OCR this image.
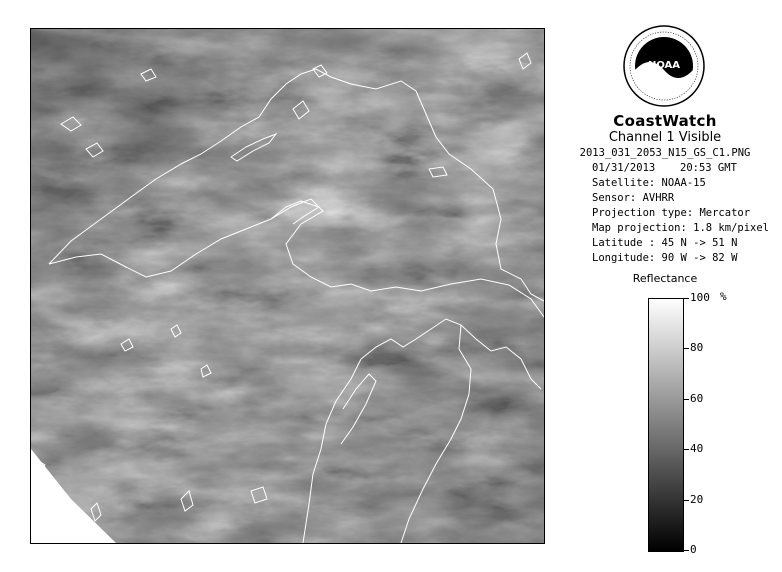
NOAA
CoastWatch
Channel 1 Visible
2013_031_2053_N15_GS_C1.PNG
01/31/2013 20:53 GMT
Satellite: NOAA-15
Sensor: AVHRR
Projection type: Mercator
Map projection: 1.8 km/pixel
Latitude : 45 N -> 51 N
Longitude: 90 W -> 82 W
Reflectance
%
100
80
60
40
20
0
